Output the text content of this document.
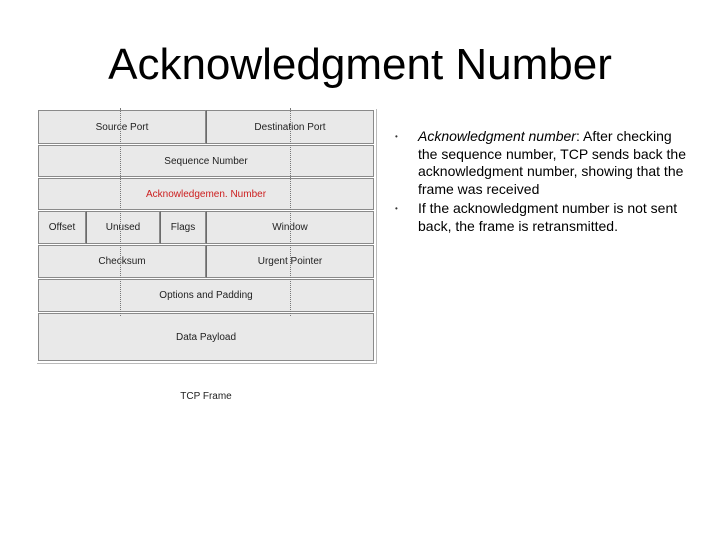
Acknowledgment Number
Source Port	Destination Port
Sequence Number
Acknowledgemen. Number
Offset	Unused	Flags	Window
Checksum	Urgent Pointer
Options and Padding
Data Payload
TCP Frame
• Acknowledgment number: After checking the sequence number, TCP sends back the acknowledgment number, showing that the frame was received
• If the acknowledgment number is not sent back, the frame is retransmitted.
